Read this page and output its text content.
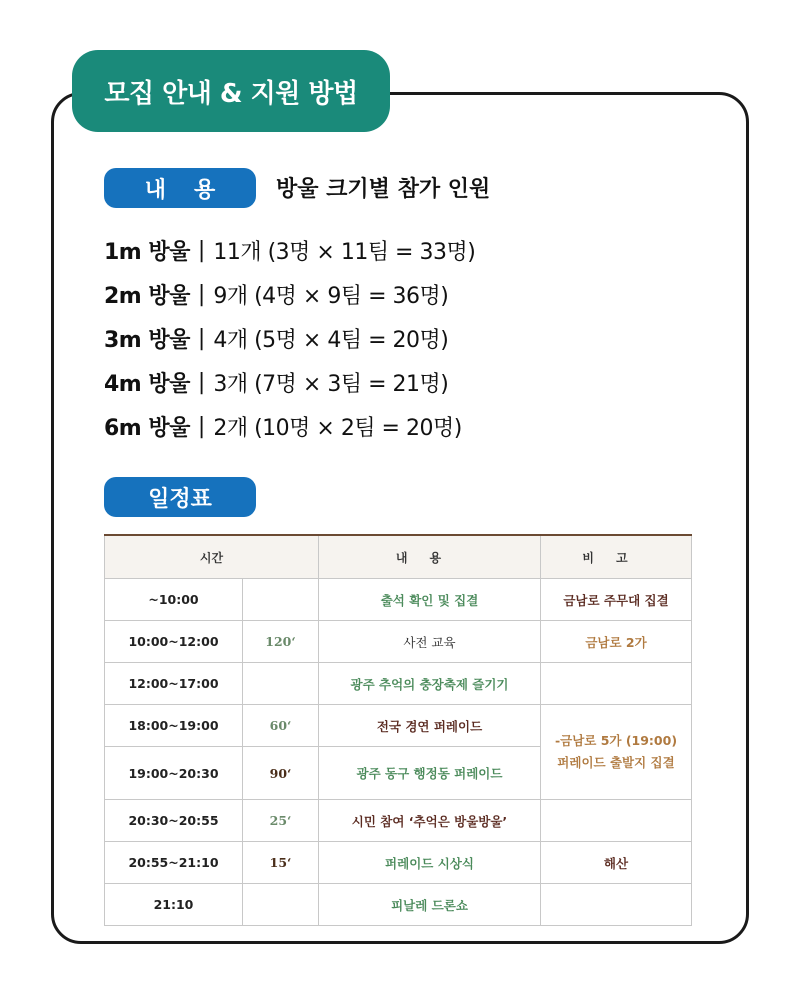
모집 안내 & 지원 방법
내용	방울 크기별 참가 인원
1m 방울 | 11개 (3명 × 11팀 = 33명)
2m 방울 | 9개 (4명 × 9팀 = 36명)
3m 방울 | 4개 (5명 × 4팀 = 20명)
4m 방울 | 3개 (7명 × 3팀 = 21명)
6m 방울 | 2개 (10명 × 2팀 = 20명)
일정표
시간		내용	비고
~10:00		출석 확인 및 집결	금남로 주무대 집결
10:00~12:00	120‘	사전 교육	금남로 2가
12:00~17:00		광주 추억의 충장축제 즐기기	
18:00~19:00	60‘	전국 경연 퍼레이드	-금남로 5가 (19:00)
퍼레이드 출발지 집결

19:00~20:30	90‘	광주 동구 행정동 퍼레이드	
20:30~20:55	25‘	시민 참여 ‘추억은 방울방울’	
20:55~21:10	15‘	퍼레이드 시상식	해산
21:10		피날레 드론쇼	
